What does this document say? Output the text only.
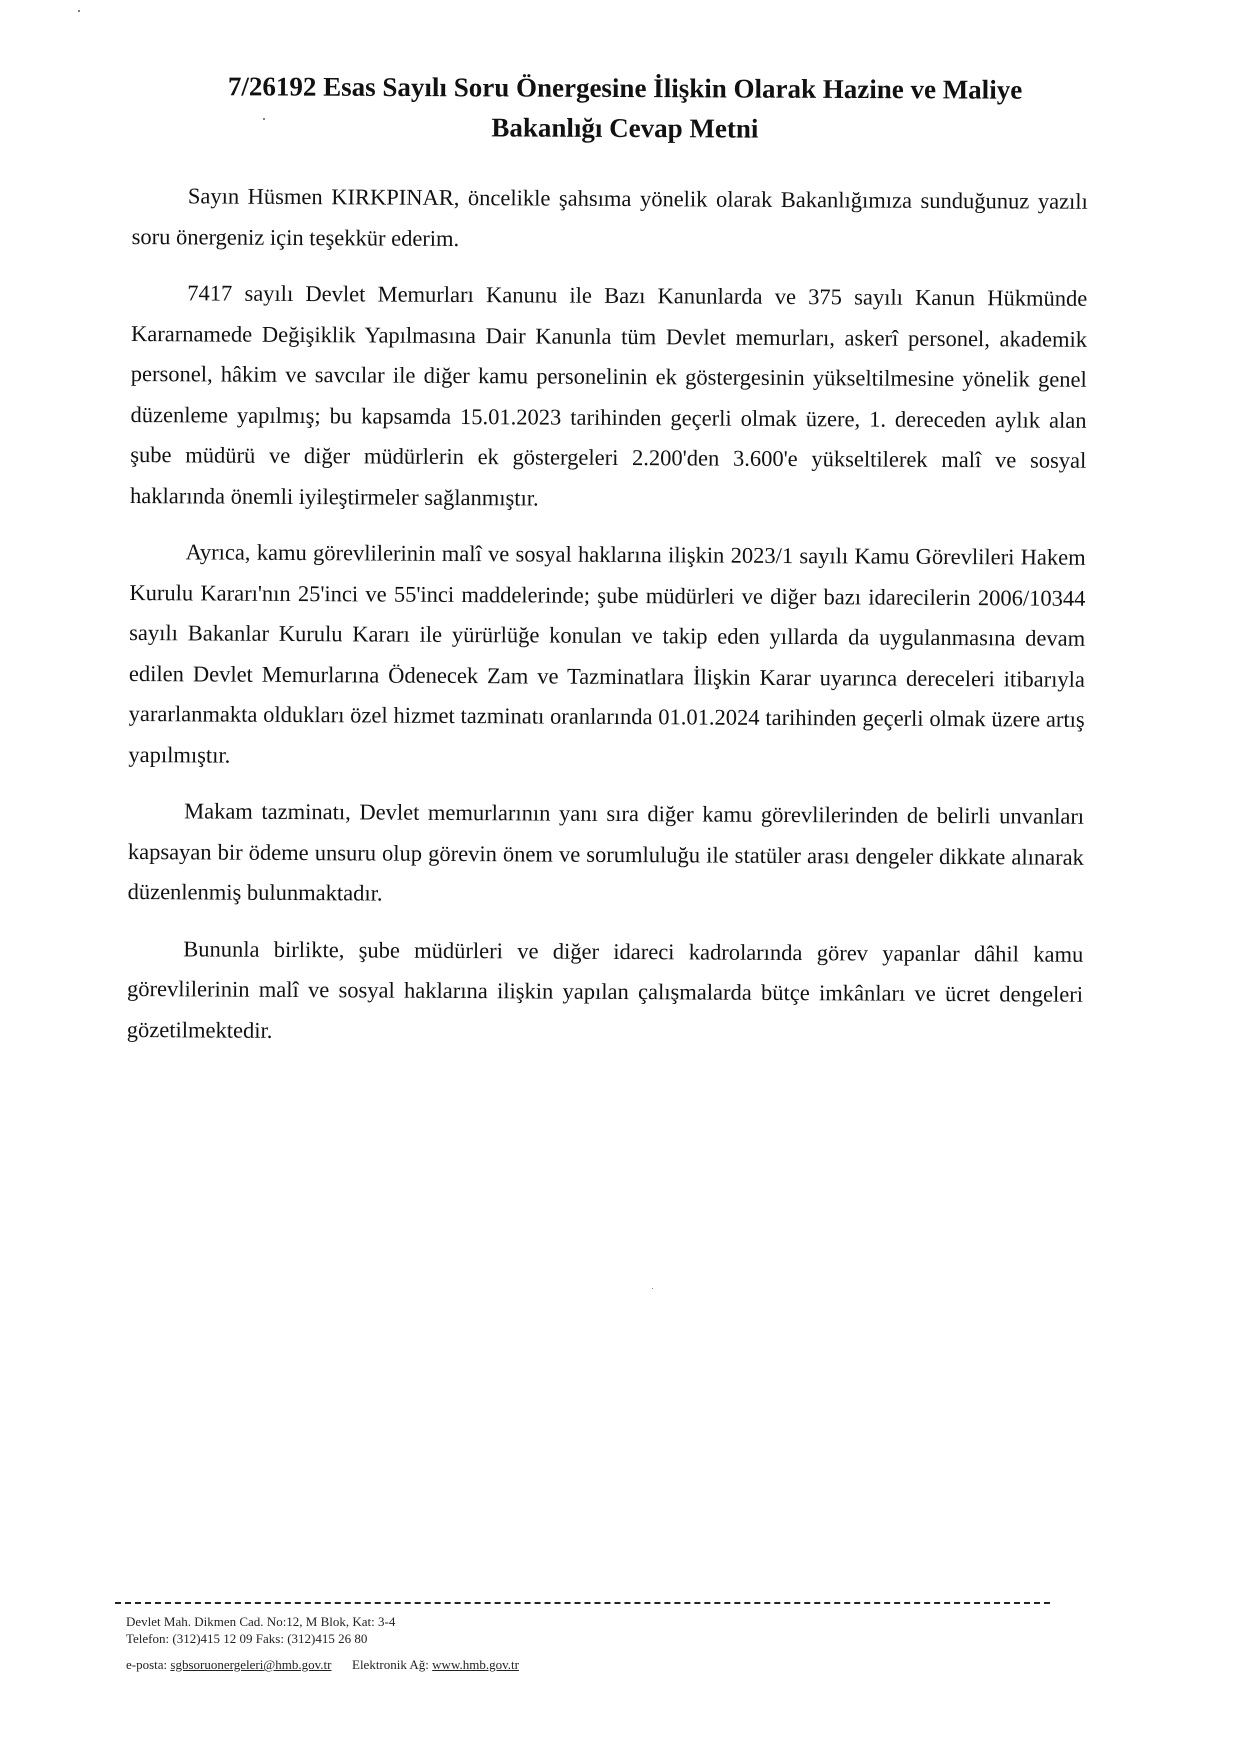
7/26192 Esas Sayılı Soru Önergesine İlişkin Olarak Hazine ve Maliye
Bakanlığı Cevap Metni

Sayın Hüsmen KIRKPINAR, öncelikle şahsıma yönelik olarak Bakanlığımıza sunduğunuz yazılı soru önergeniz için teşekkür ederim.

7417 sayılı Devlet Memurları Kanunu ile Bazı Kanunlarda ve 375 sayılı Kanun Hükmünde Kararnamede Değişiklik Yapılmasına Dair Kanunla tüm Devlet memurları, askerî personel, akademik personel, hâkim ve savcılar ile diğer kamu personelinin ek göstergesinin yükseltilmesine yönelik genel düzenleme yapılmış; bu kapsamda 15.01.2023 tarihinden geçerli olmak üzere, 1. dereceden aylık alan şube müdürü ve diğer müdürlerin ek göstergeleri 2.200'den 3.600'e yükseltilerek malî ve sosyal haklarında önemli iyileştirmeler sağlanmıştır.

Ayrıca, kamu görevlilerinin malî ve sosyal haklarına ilişkin 2023/1 sayılı Kamu Görevlileri Hakem Kurulu Kararı'nın 25'inci ve 55'inci maddelerinde; şube müdürleri ve diğer bazı idarecilerin 2006/10344 sayılı Bakanlar Kurulu Kararı ile yürürlüğe konulan ve takip eden yıllarda da uygulanmasına devam edilen Devlet Memurlarına Ödenecek Zam ve Tazminatlara İlişkin Karar uyarınca dereceleri itibarıyla yararlanmakta oldukları özel hizmet tazminatı oranlarında 01.01.2024 tarihinden geçerli olmak üzere artış yapılmıştır.

Makam tazminatı, Devlet memurlarının yanı sıra diğer kamu görevlilerinden de belirli unvanları kapsayan bir ödeme unsuru olup görevin önem ve sorumluluğu ile statüler arası dengeler dikkate alınarak düzenlenmiş bulunmaktadır.

Bununla birlikte, şube müdürleri ve diğer idareci kadrolarında görev yapanlar dâhil kamu görevlilerinin malî ve sosyal haklarına ilişkin yapılan çalışmalarda bütçe imkânları ve ücret dengeleri gözetilmektedir.

Devlet Mah. Dikmen Cad. No:12, M Blok, Kat: 3-4
Telefon: (312)415 12 09 Faks: (312)415 26 80
e-posta: sgbsoruonergeleri@hmb.gov.tr Elektronik Ağ: www.hmb.gov.tr
